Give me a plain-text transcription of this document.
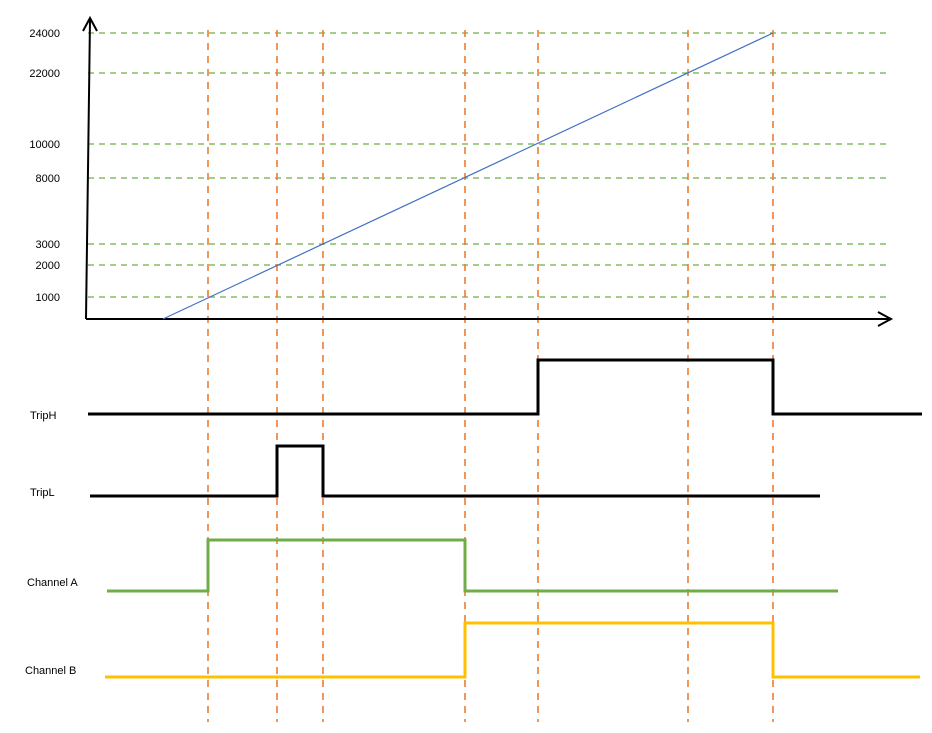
1000
2000
3000
8000
10000
22000
24000
TripH
TripL
Channel A
Channel B
